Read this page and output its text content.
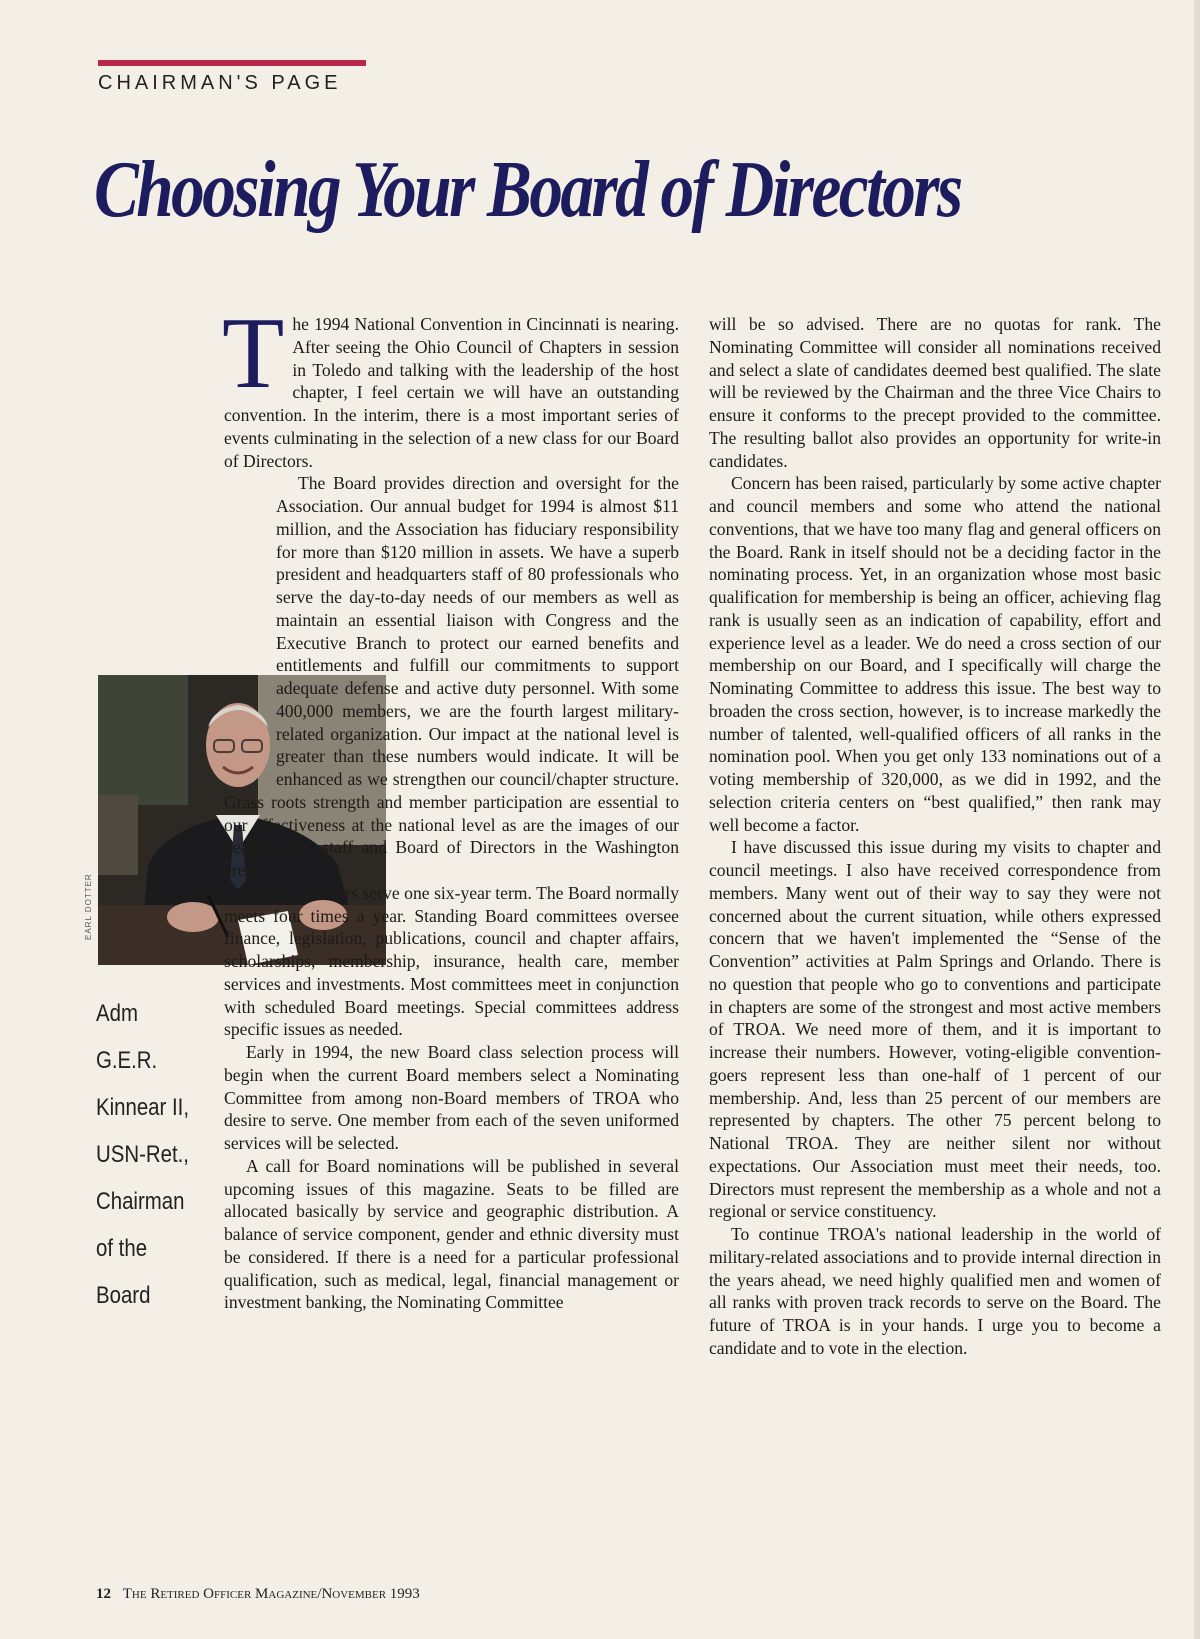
CHAIRMAN'S PAGE
Choosing Your Board of Directors
EARL DOTTER
Adm G.E.R.
Kinnear II,
USN-Ret.,
Chairman
of the
Board

The 1994 National Convention in Cincinnati is nearing. After seeing the Ohio Council of Chapters in session in Toledo and talking with the leadership of the host chapter, I feel certain we will have an outstanding convention. In the interim, there is a most important series of events culminating in the selection of a new class for our Board of Directors.

The Board provides direction and oversight for the Association. Our annual budget for 1994 is almost $11 million, and the Association has fiduciary responsibility for more than $120 million in assets. We have a superb president and headquarters staff of 80 professionals who serve the day-to-day needs of our members as well as maintain an essential liaison with Congress and the Executive Branch to protect our earned benefits and entitlements and fulfill our commitments to support adequate defense and active duty personnel. With some 400,000 members, we are the fourth largest military-related organization. Our impact at the national level is greater than these numbers would indicate. It will be enhanced as we strengthen our council/chapter structure. Grass roots strength and member participation are essential to our effectiveness at the national level as are the images of our headquarters staff and Board of Directors in the Washington arena.

Board members serve one six-year term. The Board normally meets four times a year. Standing Board committees oversee finance, legislation, publications, council and chapter affairs, scholarships, membership, insurance, health care, member services and investments. Most committees meet in conjunction with scheduled Board meetings. Special committees address specific issues as needed.

Early in 1994, the new Board class selection process will begin when the current Board members select a Nominating Committee from among non-Board members of TROA who desire to serve. One member from each of the seven uniformed services will be selected.

A call for Board nominations will be published in several upcoming issues of this magazine. Seats to be filled are allocated basically by service and geographic distribution. A balance of service component, gender and ethnic diversity must be considered. If there is a need for a particular professional qualification, such as medical, legal, financial management or investment banking, the Nominating Committee

will be so advised. There are no quotas for rank. The Nominating Committee will consider all nominations received and select a slate of candidates deemed best qualified. The slate will be reviewed by the Chairman and the three Vice Chairs to ensure it conforms to the precept provided to the committee. The resulting ballot also provides an opportunity for write-in candidates.

Concern has been raised, particularly by some active chapter and council members and some who attend the national conventions, that we have too many flag and general officers on the Board. Rank in itself should not be a deciding factor in the nominating process. Yet, in an organization whose most basic qualification for membership is being an officer, achieving flag rank is usually seen as an indication of capability, effort and experience level as a leader. We do need a cross section of our membership on our Board, and I specifically will charge the Nominating Committee to address this issue. The best way to broaden the cross section, however, is to increase markedly the number of talented, well-qualified officers of all ranks in the nomination pool. When you get only 133 nominations out of a voting membership of 320,000, as we did in 1992, and the selection criteria centers on “best qualified,” then rank may well become a factor.

I have discussed this issue during my visits to chapter and council meetings. I also have received correspondence from members. Many went out of their way to say they were not concerned about the current situation, while others expressed concern that we haven't implemented the “Sense of the Convention” activities at Palm Springs and Orlando. There is no question that people who go to conventions and participate in chapters are some of the strongest and most active members of TROA. We need more of them, and it is important to increase their numbers. However, voting-eligible convention-goers represent less than one-half of 1 percent of our membership. And, less than 25 percent of our members are represented by chapters. The other 75 percent belong to National TROA. They are neither silent nor without expectations. Our Association must meet their needs, too. Directors must represent the membership as a whole and not a regional or service constituency.

To continue TROA's national leadership in the world of military-related associations and to provide internal direction in the years ahead, we need highly qualified men and women of all ranks with proven track records to serve on the Board. The future of TROA is in your hands. I urge you to become a candidate and to vote in the election.

12 The Retired Officer Magazine/November 1993
